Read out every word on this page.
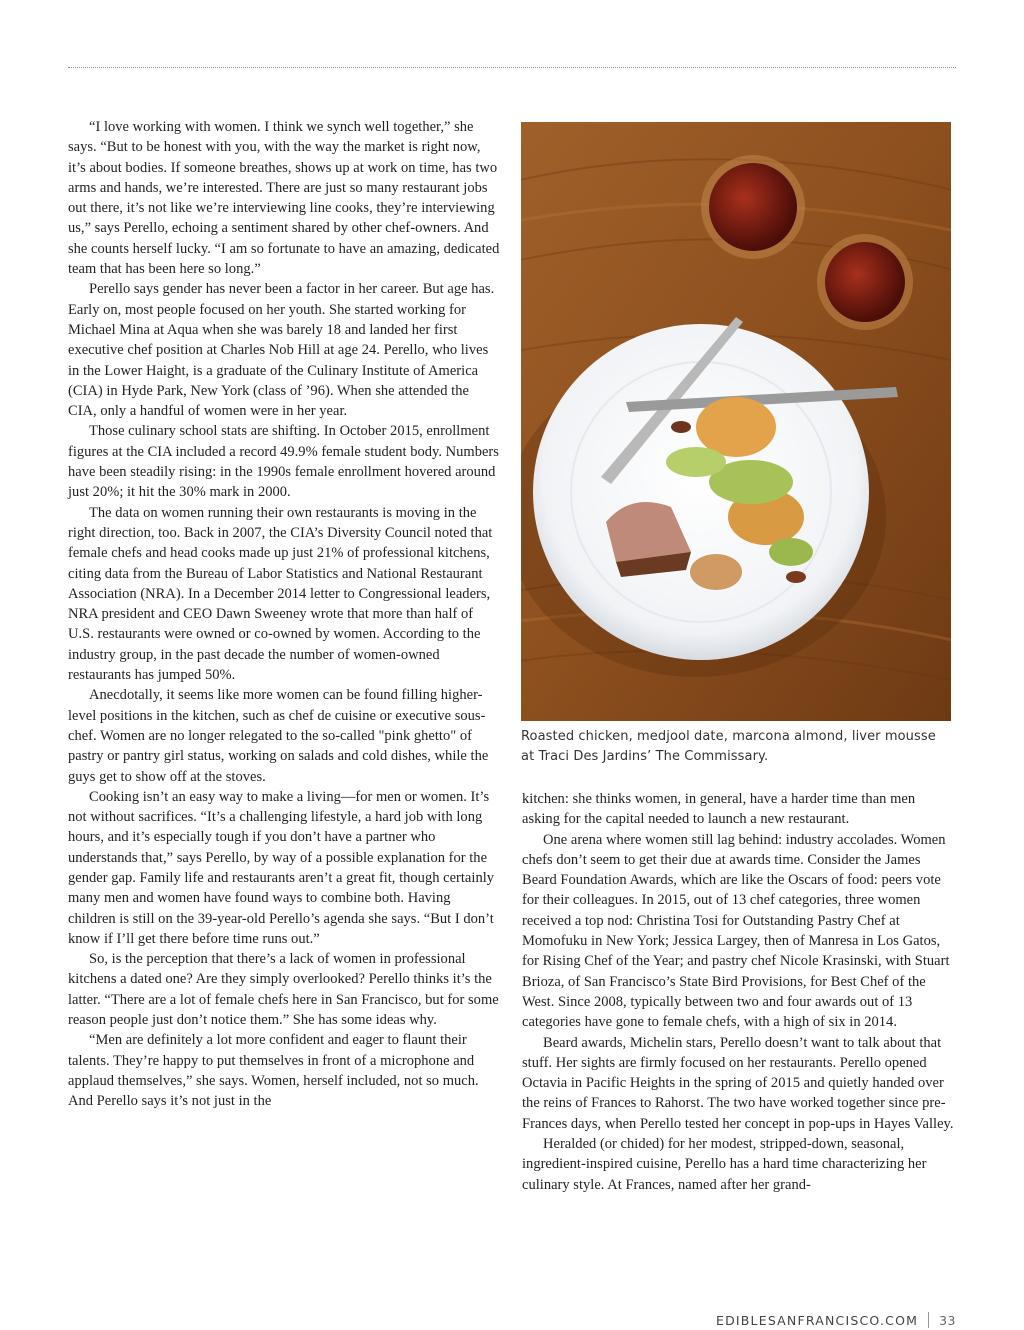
“I love working with women. I think we synch well together,” she says. “But to be honest with you, with the way the market is right now, it’s about bodies. If someone breathes, shows up at work on time, has two arms and hands, we’re interested. There are just so many restaurant jobs out there, it’s not like we’re interviewing line cooks, they’re interviewing us,” says Perello, echoing a sentiment shared by other chef-owners. And she counts herself lucky. “I am so fortunate to have an amazing, dedicated team that has been here so long.”

Perello says gender has never been a factor in her career. But age has. Early on, most people focused on her youth. She started working for Michael Mina at Aqua when she was barely 18 and landed her first executive chef position at Charles Nob Hill at age 24. Perello, who lives in the Lower Haight, is a graduate of the Culinary Institute of America (CIA) in Hyde Park, New York (class of ’96). When she attended the CIA, only a handful of women were in her year.

Those culinary school stats are shifting. In October 2015, enrollment figures at the CIA included a record 49.9% female student body. Numbers have been steadily rising: in the 1990s female enrollment hovered around just 20%; it hit the 30% mark in 2000.

The data on women running their own restaurants is moving in the right direction, too. Back in 2007, the CIA’s Diversity Council noted that female chefs and head cooks made up just 21% of professional kitchens, citing data from the Bureau of Labor Statistics and National Restaurant Association (NRA). In a December 2014 letter to Congressional leaders, NRA president and CEO Dawn Sweeney wrote that more than half of U.S. restaurants were owned or co-owned by women. According to the industry group, in the past decade the number of women-owned restaurants has jumped 50%.

Anecdotally, it seems like more women can be found filling higher-level positions in the kitchen, such as chef de cuisine or executive sous-chef. Women are no longer relegated to the so-called "pink ghetto" of pastry or pantry girl status, working on salads and cold dishes, while the guys get to show off at the stoves.

Cooking isn’t an easy way to make a living—for men or women. It’s not without sacrifices. “It’s a challenging lifestyle, a hard job with long hours, and it’s especially tough if you don’t have a partner who understands that,” says Perello, by way of a possible explanation for the gender gap. Family life and restaurants aren’t a great fit, though certainly many men and women have found ways to combine both. Having children is still on the 39-year-old Perello’s agenda she says. “But I don’t know if I’ll get there before time runs out.”

So, is the perception that there’s a lack of women in professional kitchens a dated one? Are they simply overlooked? Perello thinks it’s the latter. “There are a lot of female chefs here in San Francisco, but for some reason people just don’t notice them.” She has some ideas why.

“Men are definitely a lot more confident and eager to flaunt their talents. They’re happy to put themselves in front of a microphone and applaud themselves,” she says. Women, herself included, not so much. And Perello says it’s not just in the

Roasted chicken, medjool date, marcona almond, liver mousse at Traci Des Jardins’ The Commissary.

kitchen: she thinks women, in general, have a harder time than men asking for the capital needed to launch a new restaurant.

One arena where women still lag behind: industry accolades. Women chefs don’t seem to get their due at awards time. Consider the James Beard Foundation Awards, which are like the Oscars of food: peers vote for their colleagues. In 2015, out of 13 chef categories, three women received a top nod: Christina Tosi for Outstanding Pastry Chef at Momofuku in New York; Jessica Largey, then of Manresa in Los Gatos, for Rising Chef of the Year; and pastry chef Nicole Krasinski, with Stuart Brioza, of San Francisco’s State Bird Provisions, for Best Chef of the West. Since 2008, typically between two and four awards out of 13 categories have gone to female chefs, with a high of six in 2014.

Beard awards, Michelin stars, Perello doesn’t want to talk about that stuff. Her sights are firmly focused on her restaurants. Perello opened Octavia in Pacific Heights in the spring of 2015 and quietly handed over the reins of Frances to Rahorst. The two have worked together since pre-Frances days, when Perello tested her concept in pop-ups in Hayes Valley.

Heralded (or chided) for her modest, stripped-down, seasonal, ingredient-inspired cuisine, Perello has a hard time characterizing her culinary style. At Frances, named after her grand-

EDIBLESANFRANCISCO.COM 33
